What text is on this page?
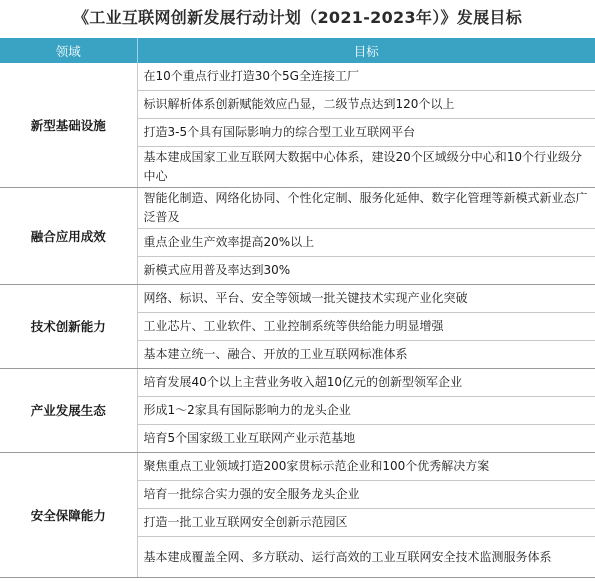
《工业互联网创新发展行动计划（2021-2023年）》发展目标
领域	目标
新型基础设施	在10个重点行业打造30个5G全连接工厂
	标识解析体系创新赋能效应凸显，二级节点达到120个以上
	打造3-5个具有国际影响力的综合型工业互联网平台
	基本建成国家工业互联网大数据中心体系，建设20个区域级分中心和10个行业级分中心
融合应用成效	智能化制造、网络化协同、个性化定制、服务化延伸、数字化管理等新模式新业态广泛普及
	重点企业生产效率提高20%以上
	新模式应用普及率达到30%
技术创新能力	网络、标识、平台、安全等领域一批关键技术实现产业化突破
	工业芯片、工业软件、工业控制系统等供给能力明显增强
	基本建立统一、融合、开放的工业互联网标准体系
产业发展生态	培育发展40个以上主营业务收入超10亿元的创新型领军企业
	形成1～2家具有国际影响力的龙头企业
	培育5个国家级工业互联网产业示范基地
安全保障能力	聚焦重点工业领域打造200家贯标示范企业和100个优秀解决方案
	培育一批综合实力强的安全服务龙头企业
	打造一批工业互联网安全创新示范园区
	基本建成覆盖全网、多方联动、运行高效的工业互联网安全技术监测服务体系
